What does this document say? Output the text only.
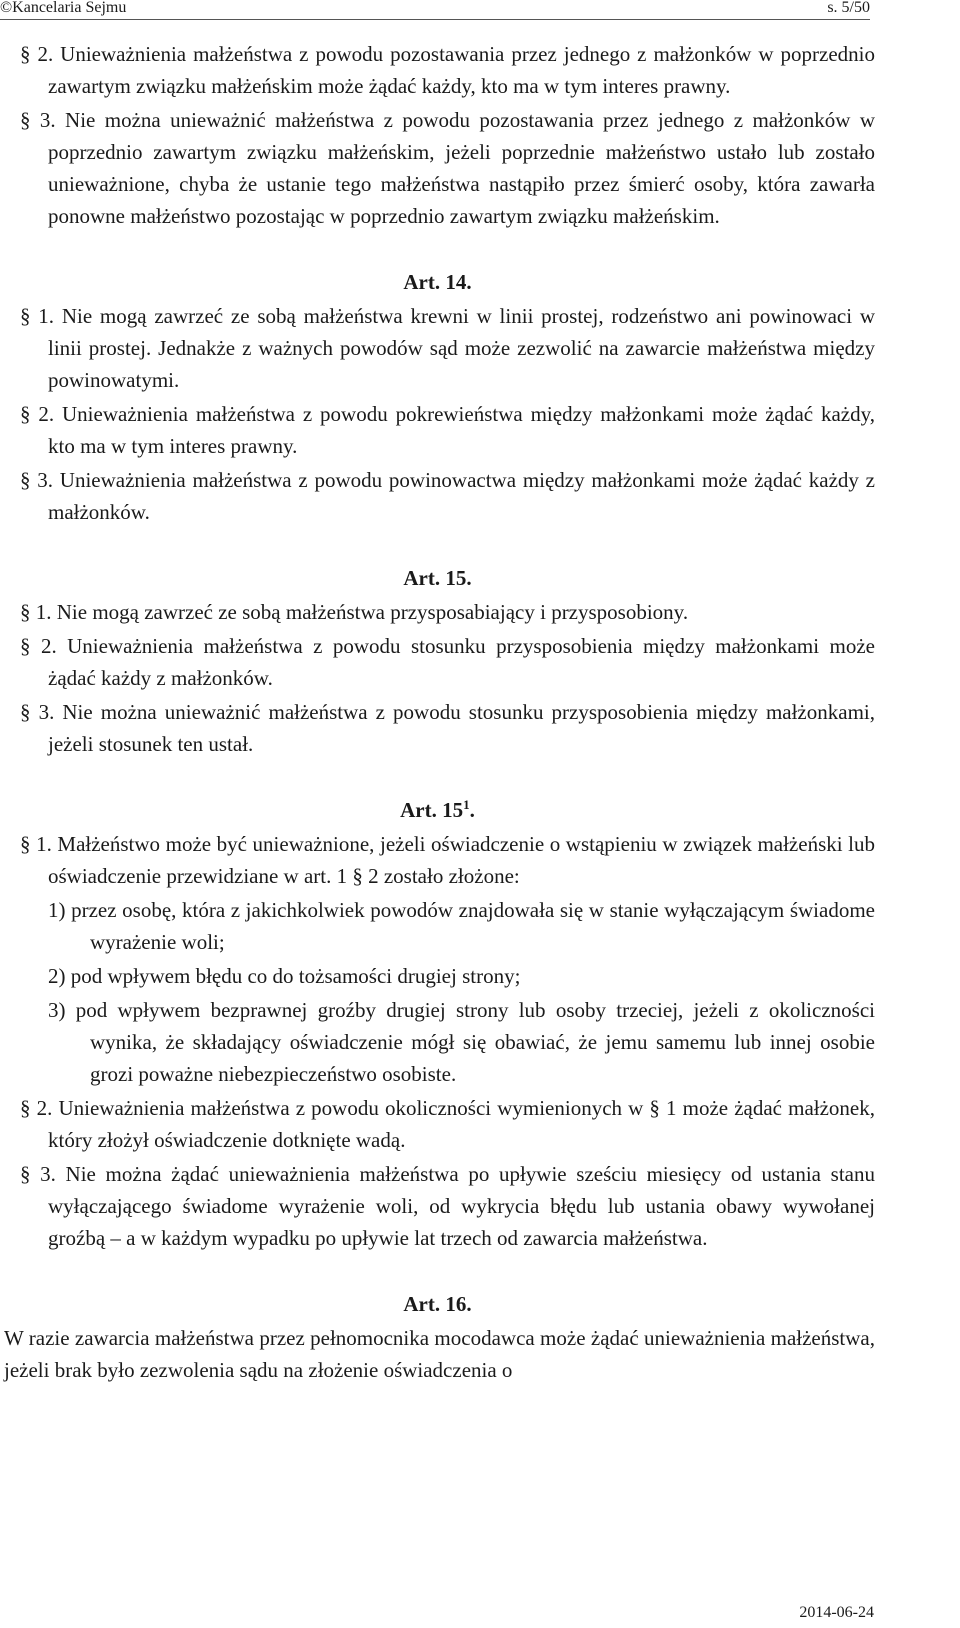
©Kancelaria Sejmu	s. 5/50

§ 2. Unieważnienia małżeństwa z powodu pozostawania przez jednego z małżonków w poprzednio zawartym związku małżeńskim może żądać każdy, kto ma w tym interes prawny.

§ 3. Nie można unieważnić małżeństwa z powodu pozostawania przez jednego z małżonków w poprzednio zawartym związku małżeńskim, jeżeli poprzednie małżeństwo ustało lub zostało unieważnione, chyba że ustanie tego małżeństwa nastąpiło przez śmierć osoby, która zawarła ponowne małżeństwo pozostając w poprzednio zawartym związku małżeńskim.

Art. 14.

§ 1. Nie mogą zawrzeć ze sobą małżeństwa krewni w linii prostej, rodzeństwo ani powinowaci w linii prostej. Jednakże z ważnych powodów sąd może zezwolić na zawarcie małżeństwa między powinowatymi.

§ 2. Unieważnienia małżeństwa z powodu pokrewieństwa między małżonkami może żądać każdy, kto ma w tym interes prawny.

§ 3. Unieważnienia małżeństwa z powodu powinowactwa między małżonkami może żądać każdy z małżonków.

Art. 15.

§ 1. Nie mogą zawrzeć ze sobą małżeństwa przysposabiający i przysposobiony.

§ 2. Unieważnienia małżeństwa z powodu stosunku przysposobienia między małżonkami może żądać każdy z małżonków.

§ 3. Nie można unieważnić małżeństwa z powodu stosunku przysposobienia między małżonkami, jeżeli stosunek ten ustał.

Art. $15^1$.

§ 1. Małżeństwo może być unieważnione, jeżeli oświadczenie o wstąpieniu w związek małżeński lub oświadczenie przewidziane w art. 1 § 2 zostało złożone:

1) przez osobę, która z jakichkolwiek powodów znajdowała się w stanie wyłączającym świadome wyrażenie woli;

2) pod wpływem błędu co do tożsamości drugiej strony;

3) pod wpływem bezprawnej groźby drugiej strony lub osoby trzeciej, jeżeli z okoliczności wynika, że składający oświadczenie mógł się obawiać, że jemu samemu lub innej osobie grozi poważne niebezpieczeństwo osobiste.

§ 2. Unieważnienia małżeństwa z powodu okoliczności wymienionych w § 1 może żądać małżonek, który złożył oświadczenie dotknięte wadą.

§ 3. Nie można żądać unieważnienia małżeństwa po upływie sześciu miesięcy od ustania stanu wyłączającego świadome wyrażenie woli, od wykrycia błędu lub ustania obawy wywołanej groźbą – a w każdym wypadku po upływie lat trzech od zawarcia małżeństwa.

Art. 16.

W razie zawarcia małżeństwa przez pełnomocnika mocodawca może żądać unieważnienia małżeństwa, jeżeli brak było zezwolenia sądu na złożenie oświadczenia o

2014-06-24
